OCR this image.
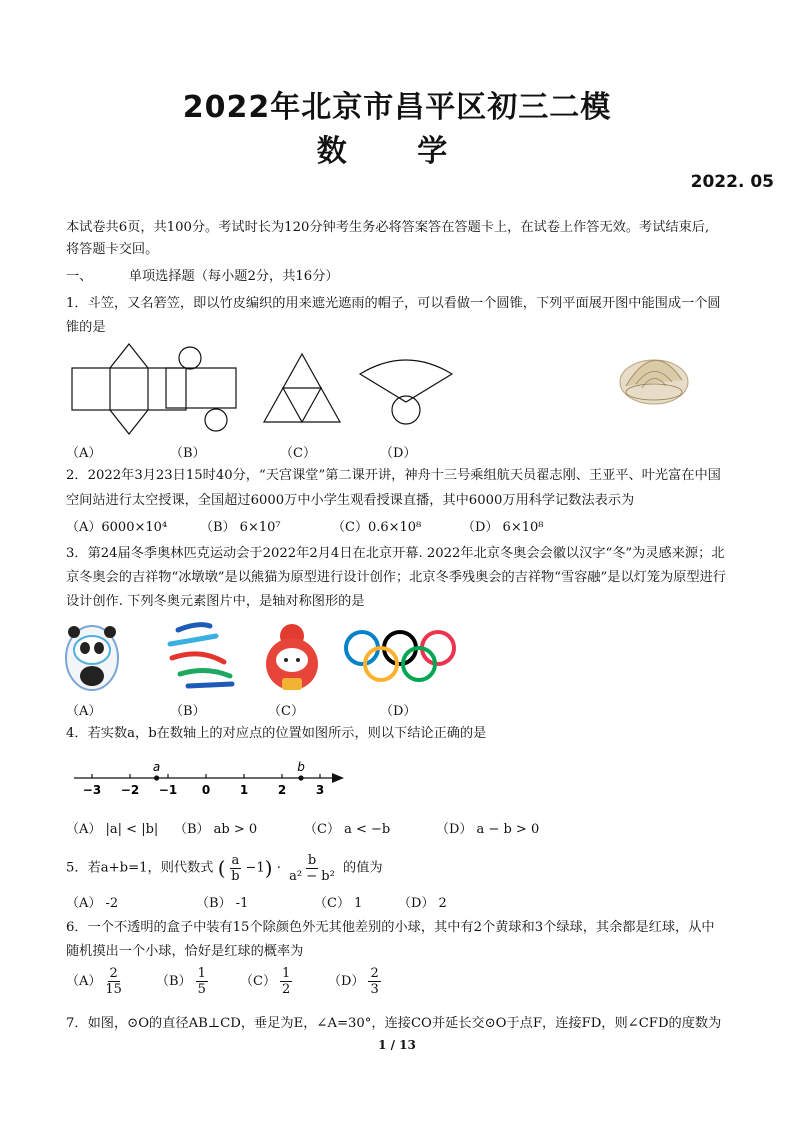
2022年北京市昌平区初三二模
数 学
2022. 05
本试卷共6页，共100分。考试时长为120分钟考生务必将答案答在答题卡上，在试卷上作答无效。考试结束后,
将答题卡交回。
一、	单项选择题（每小题2分，共16分）
1．斗笠，又名箬笠，即以竹皮编织的用来遮光遮雨的帽子，可以看做一个圆锥，下列平面展开图中能围成一个圆
锥的是
（A）	（B）	（C）	（D）
2．2022年3月23日15时40分，“天宫课堂”第二课开讲，神舟十三号乘组航天员翟志刚、王亚平、叶光富在中国
空间站进行太空授课，全国超过6000万中小学生观看授课直播，其中6000万用科学记数法表示为
（A）6000×10⁴	（B） 6×10⁷	（C）0.6×10⁸	（D） 6×10⁸
3．第24届冬季奥林匹克运动会于2022年2月4日在北京开幕. 2022年北京冬奥会会徽以汉字“冬”为灵感来源；北
京冬奥会的吉祥物“冰墩墩”是以熊猫为原型进行设计创作；北京冬季残奥会的吉祥物“雪容融”是以灯笼为原型进行
设计创作. 下列冬奥元素图片中，是轴对称图形的是
（A）	（B）	（C）	（D）
4．若实数a，b在数轴上的对应点的位置如图所示，则以下结论正确的是
−3 −2 −1 0 1 2 3
a	b
（A） |a| < |b| （B） ab > 0	（C） a < −b	（D） a − b > 0
5．若a+b=1，则代数式 ( $\frac{a}{b} -1) \cdot \frac{b}{\text{a² − b²}}$ 的值为
（A） -2	（B） -1	（C） 1	（D） 2
6．一个不透明的盒子中装有15个除颜色外无其他差别的小球，其中有2个黄球和3个绿球，其余都是红球，从中
随机摸出一个小球，恰好是红球的概率为
$(A) \frac{2}{15}$	$(B) \frac{1}{5} (C) \frac{1}{2}$	$(D) \frac{2}{3}$
7．如图，⊙O的直径AB⊥CD，垂足为E，∠A=30°，连接CO并延长交⊙O于点F，连接FD，则∠CFD的度数为
1 / 13
